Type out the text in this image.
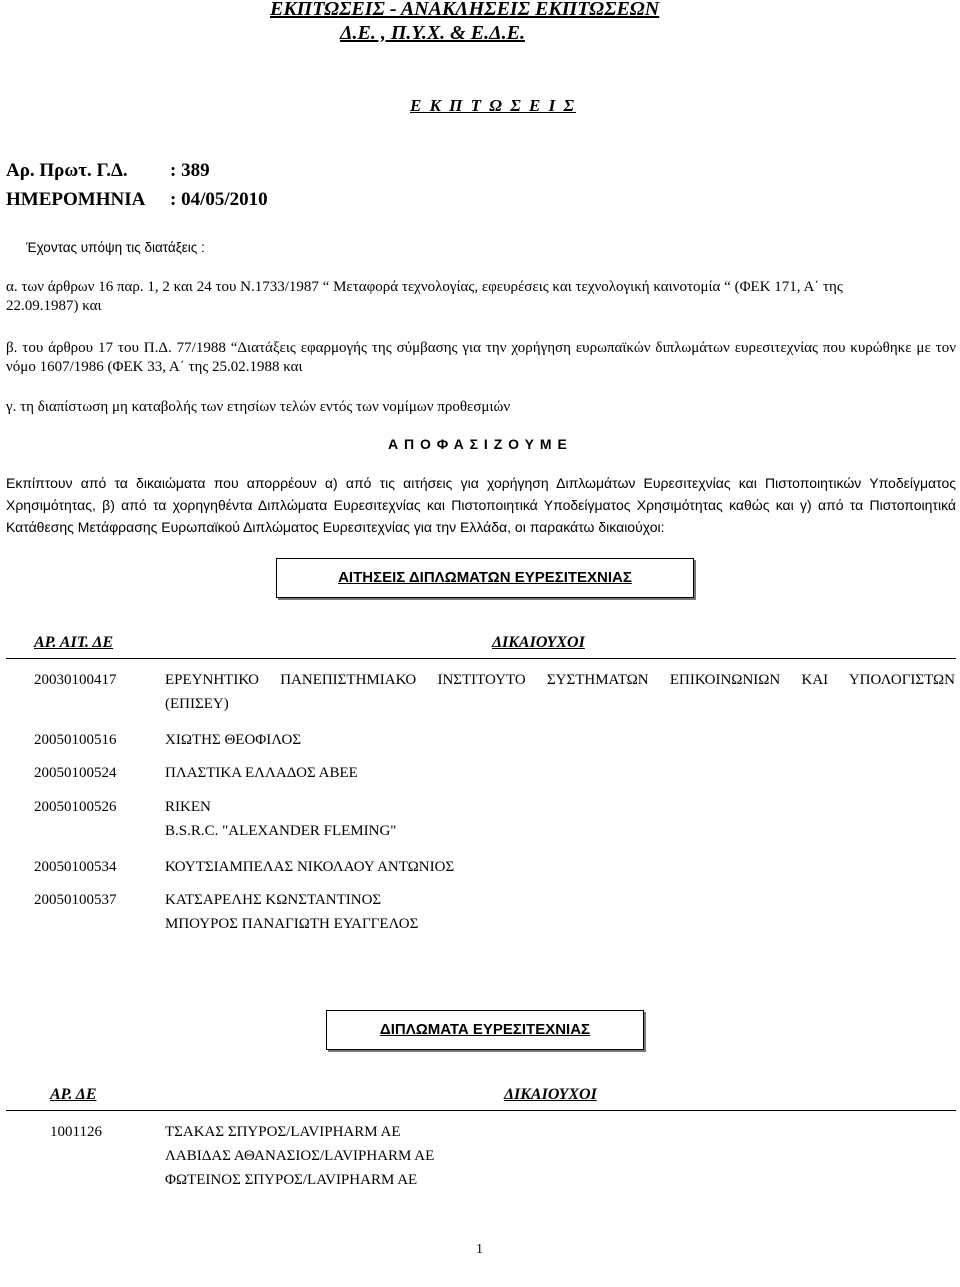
ΕΚΠΤΩΣΕΙΣ - ΑΝΑΚΛΗΣΕΙΣ ΕΚΠΤΩΣΕΩΝ
Δ.Ε. , Π.Υ.Χ. & Ε.Δ.Ε.
Ε Κ Π Τ Ω Σ Ε Ι Σ
Αρ. Πρωτ. Γ.Δ. : 389
ΗΜΕΡΟΜΗΝΙΑ : 04/05/2010
Έχοντας υπόψη τις διατάξεις :
α. των άρθρων 16 παρ. 1, 2 και 24 του Ν.1733/1987 “ Μεταφορά τεχνολογίας, εφευρέσεις και τεχνολογική καινοτομία “ (ΦΕΚ 171, Α΄ της
22.09.1987) και
β. του άρθρου 17 του Π.Δ. 77/1988 “Διατάξεις εφαρμογής της σύμβασης για την χορήγηση ευρωπαϊκών διπλωμάτων ευρεσιτεχνίας που κυρώθηκε με τον νόμο 1607/1986 (ΦΕΚ 33, Α΄ της 25.02.1988 και
γ. τη διαπίστωση μη καταβολής των ετησίων τελών εντός των νομίμων προθεσμιών
Α Π Ο Φ Α Σ Ι Ζ Ο Υ Μ Ε
Εκπίπτουν από τα δικαιώματα που απορρέουν α) από τις αιτήσεις για χορήγηση Διπλωμάτων Ευρεσιτεχνίας και Πιστοποιητικών Υποδείγματος Χρησιμότητας, β) από τα χορηγηθέντα Διπλώματα Ευρεσιτεχνίας και Πιστοποιητικά Υποδείγματος Χρησιμότητας καθώς και γ) από τα Πιστοποιητικά Κατάθεσης Μετάφρασης Ευρωπαϊκού Διπλώματος Ευρεσιτεχνίας για την Ελλάδα, οι παρακάτω δικαιούχοι:
ΑΙΤΗΣΕΙΣ ΔΙΠΛΩΜΑΤΩΝ ΕΥΡΕΣΙΤΕΧΝΙΑΣ
ΑΡ. ΑΙΤ. ΔΕ	ΔΙΚΑΙΟΥΧΟΙ
20030100417	ΕΡΕΥΝΗΤΙΚΟ ΠΑΝΕΠΙΣΤΗΜΙΑΚΟ ΙΝΣΤΙΤΟΥΤΟ ΣΥΣΤΗΜΑΤΩΝ ΕΠΙΚΟΙΝΩΝΙΩΝ ΚΑΙ ΥΠΟΛΟΓΙΣΤΩΝ
(ΕΠΙΣΕΥ)
20050100516	ΧΙΩΤΗΣ ΘΕΟΦΙΛΟΣ
20050100524	ΠΛΑΣΤΙΚΑ ΕΛΛΑΔΟΣ ΑΒΕΕ
20050100526	RIKEN
B.S.R.C. "ALEXANDER FLEMING"
20050100534	ΚΟΥΤΣΙΑΜΠΕΛΑΣ ΝΙΚΟΛΑΟΥ ΑΝΤΩΝΙΟΣ
20050100537	ΚΑΤΣΑΡΕΛΗΣ ΚΩΝΣΤΑΝΤΙΝΟΣ
ΜΠΟΥΡΟΣ ΠΑΝΑΓΙΩΤΗ ΕΥΑΓΓΕΛΟΣ
ΔΙΠΛΩΜΑΤΑ ΕΥΡΕΣΙΤΕΧΝΙΑΣ
ΑΡ. ΔΕ	ΔΙΚΑΙΟΥΧΟΙ
1001126	ΤΣΑΚΑΣ ΣΠΥΡΟΣ/LAVIPHARM AE
ΛΑΒΙΔΑΣ ΑΘΑΝΑΣΙΟΣ/LAVIPHARM AE
ΦΩΤΕΙΝΟΣ ΣΠΥΡΟΣ/LAVIPHARM AE
1
